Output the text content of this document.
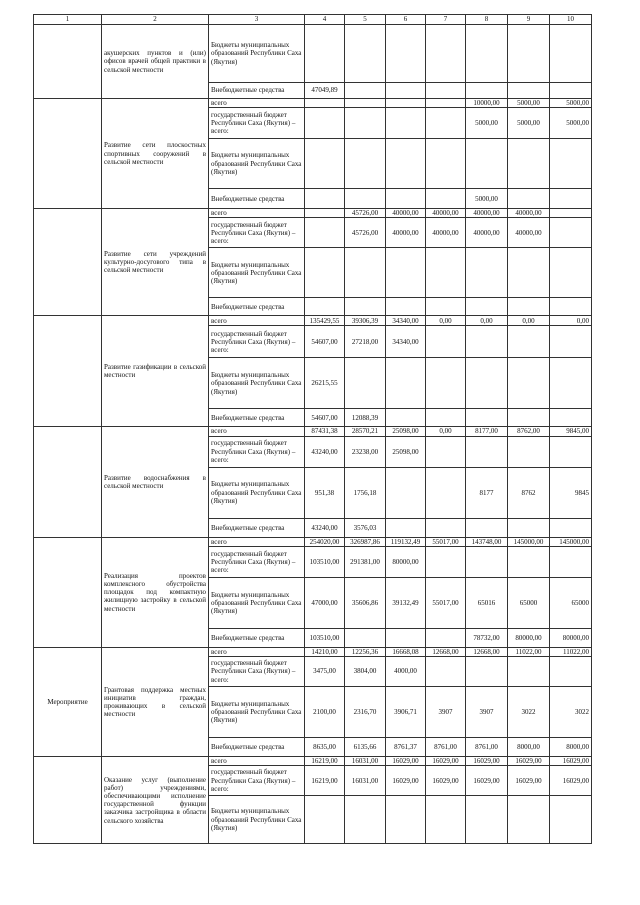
1	2	3	4	5	6	7	8	9	10
	акушерских пунктов и (или) офисов врачей общей практики в сельской местности	Бюджеты муниципальных образований Республики Саха (Якутия)							
		Внебюджетные средства	47049,89						
	Развитие сети плоскостных спортивных сооружений в сельской местности	всего					10000,00	5000,00	5000,00
		государственный бюджет Республики Саха (Якутия) – всего:					5000,00	5000,00	5000,00
		Бюджеты муниципальных образований Республики Саха (Якутия)							
		Внебюджетные средства					5000,00		
	Развитие сети учреждений культурно-досугового типа в сельской местности	всего		45726,00	40000,00	40000,00	40000,00	40000,00	
		государственный бюджет Республики Саха (Якутия) – всего:		45726,00	40000,00	40000,00	40000,00	40000,00	
		Бюджеты муниципальных образований Республики Саха (Якутия)							
		Внебюджетные средства							
	Развитие газификации в сельской местности	всего	135429,55	39306,39	34340,00	0,00	0,00	0,00	0,00
		государственный бюджет Республики Саха (Якутия) – всего:	54607,00	27218,00	34340,00				
		Бюджеты муниципальных образований Республики Саха (Якутия)	26215,55						
		Внебюджетные средства	54607,00	12088,39					
	Развитие водоснабжения в сельской местности	всего	87431,38	28570,21	25098,00	0,00	8177,00	8762,00	9845,00
		государственный бюджет Республики Саха (Якутия) – всего:	43240,00	23238,00	25098,00				
		Бюджеты муниципальных образований Республики Саха (Якутия)	951,38	1756,18			8177	8762	9845
		Внебюджетные средства	43240,00	3576,03					
	Реализация проектов комплексного обустройства площадок под компактную жилищную застройку в сельской местности	всего	254020,00	326987,86	119132,49	55017,00	143748,00	145000,00	145000,00
		государственный бюджет Республики Саха (Якутия) – всего:	103510,00	291381,00	80000,00				
		Бюджеты муниципальных образований Республики Саха (Якутия)	47000,00	35606,86	39132,49	55017,00	65016	65000	65000
		Внебюджетные средства	103510,00				78732,00	80000,00	80000,00
Мероприятие	Грантовая поддержка местных инициатив граждан, проживающих в сельской местности	всего	14210,00	12256,36	16668,08	12668,00	12668,00	11022,00	11022,00
		государственный бюджет Республики Саха (Якутия) – всего:	3475,00	3804,00	4000,00				
		Бюджеты муниципальных образований Республики Саха (Якутия)	2100,00	2316,70	3906,71	3907	3907	3022	3022
		Внебюджетные средства	8635,00	6135,66	8761,37	8761,00	8761,00	8000,00	8000,00
	Оказание услуг (выполнение работ) учреждениями, обеспечивающими исполнение государственной функции заказчика застройщика в области сельского хозяйства	всего	16219,00	16031,00	16029,00	16029,00	16029,00	16029,00	16029,00
		государственный бюджет Республики Саха (Якутия) – всего:	16219,00	16031,00	16029,00	16029,00	16029,00	16029,00	16029,00
		Бюджеты муниципальных образований Республики Саха (Якутия)							
